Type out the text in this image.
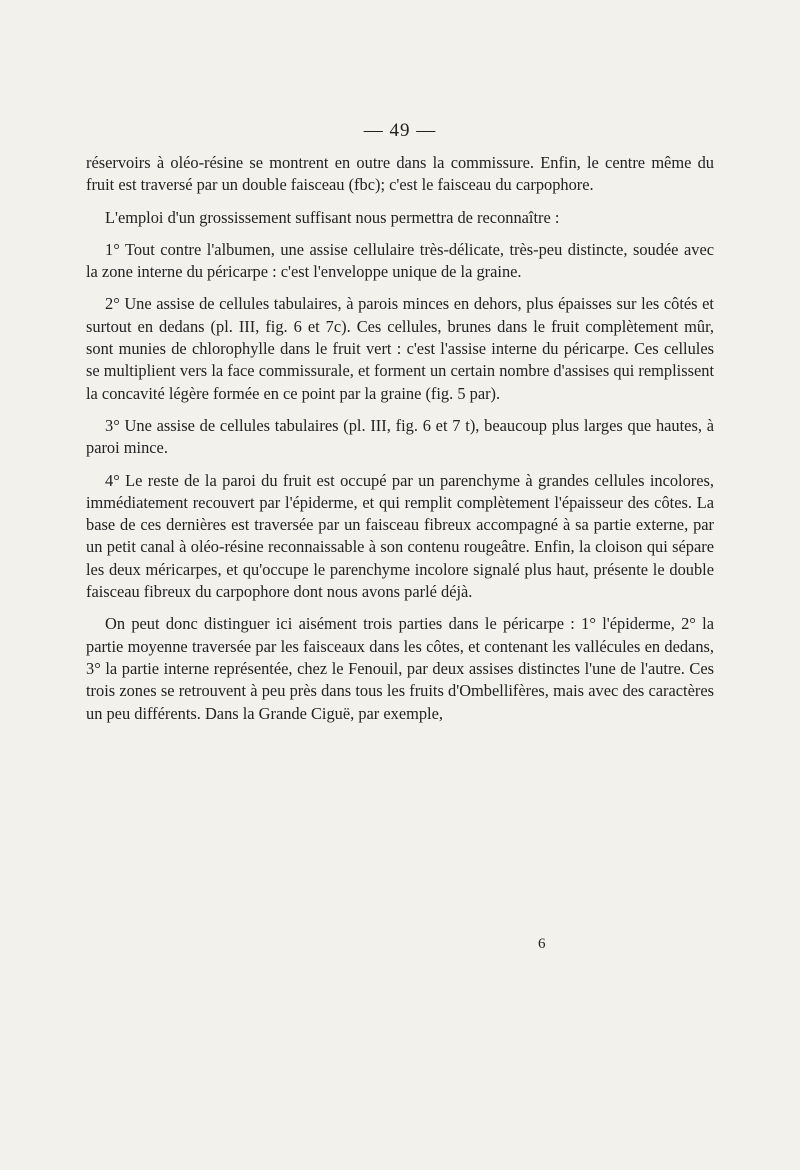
— 49 —

réservoirs à oléo-résine se montrent en outre dans la commissure. Enfin, le centre même du fruit est traversé par un double faisceau (fbc); c'est le faisceau du carpophore.

L'emploi d'un grossissement suffisant nous permettra de reconnaître :

1° Tout contre l'albumen, une assise cellulaire très-délicate, très-peu distincte, soudée avec la zone interne du péricarpe : c'est l'enveloppe unique de la graine.

2° Une assise de cellules tabulaires, à parois minces en dehors, plus épaisses sur les côtés et surtout en dedans (pl. III, fig. 6 et 7c). Ces cellules, brunes dans le fruit complètement mûr, sont munies de chlorophylle dans le fruit vert : c'est l'assise interne du péricarpe. Ces cellules se multiplient vers la face commissurale, et forment un certain nombre d'assises qui remplissent la concavité légère formée en ce point par la graine (fig. 5 par).

3° Une assise de cellules tabulaires (pl. III, fig. 6 et 7 t), beaucoup plus larges que hautes, à paroi mince.

4° Le reste de la paroi du fruit est occupé par un parenchyme à grandes cellules incolores, immédiatement recouvert par l'épiderme, et qui remplit complètement l'épaisseur des côtes. La base de ces dernières est traversée par un faisceau fibreux accompagné à sa partie externe, par un petit canal à oléo-résine reconnaissable à son contenu rougeâtre. Enfin, la cloison qui sépare les deux méricarpes, et qu'occupe le parenchyme incolore signalé plus haut, présente le double faisceau fibreux du carpophore dont nous avons parlé déjà.

On peut donc distinguer ici aisément trois parties dans le péricarpe : 1° l'épiderme, 2° la partie moyenne traversée par les faisceaux dans les côtes, et contenant les vallécules en dedans, 3° la partie interne représentée, chez le Fenouil, par deux assises distinctes l'une de l'autre. Ces trois zones se retrouvent à peu près dans tous les fruits d'Ombellifères, mais avec des caractères un peu différents. Dans la Grande Ciguë, par exemple,

6
